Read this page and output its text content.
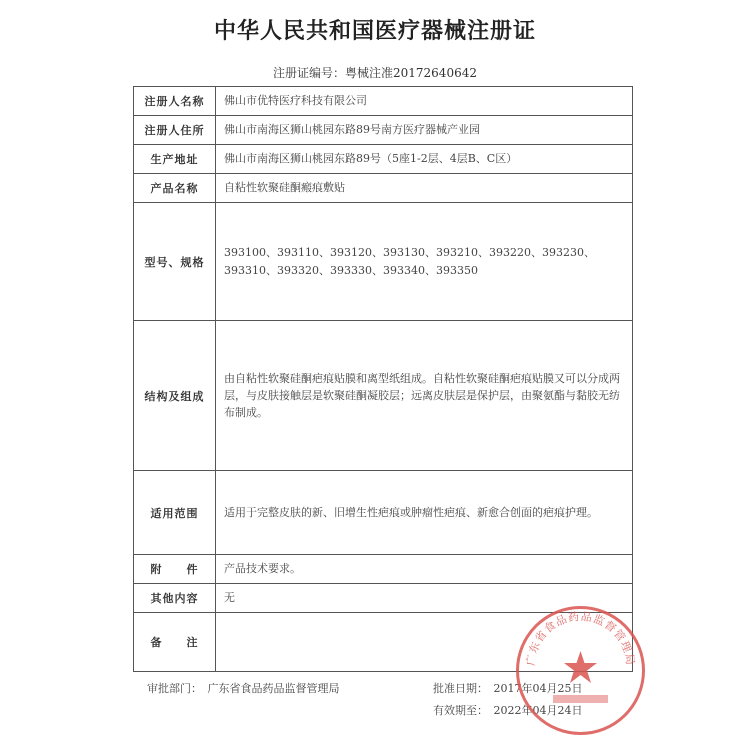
中华人民共和国医疗器械注册证
注册证编号：粤械注准20172640642
注册人名称	佛山市优特医疗科技有限公司
注册人住所	佛山市南海区狮山桃园东路89号南方医疗器械产业园
生产地址	佛山市南海区狮山桃园东路89号（5座1-2层、4层B、C区）
产品名称	自粘性软聚硅酮瘢痕敷贴
型号、规格	393100、393110、393120、393130、393210、393220、393230、393310、393320、393330、393340、393350
结构及组成	由自粘性软聚硅酮疤痕贴膜和离型纸组成。自粘性软聚硅酮疤痕贴膜又可以分成两层，与皮肤接触层是软聚硅酮凝胶层；远离皮肤层是保护层，由聚氨酯与黏胶无纺布制成。
适用范围	适用于完整皮肤的新、旧增生性疤痕或肿瘤性疤痕、新愈合创面的疤痕护理。
附　　件	产品技术要求。
其他内容	无
备　　注	
审批部门：　广东省食品药品监督管理局	批准日期：　2017年04月25日
有效期至：　2022年04月24日
广东省食品药品监督管理局
